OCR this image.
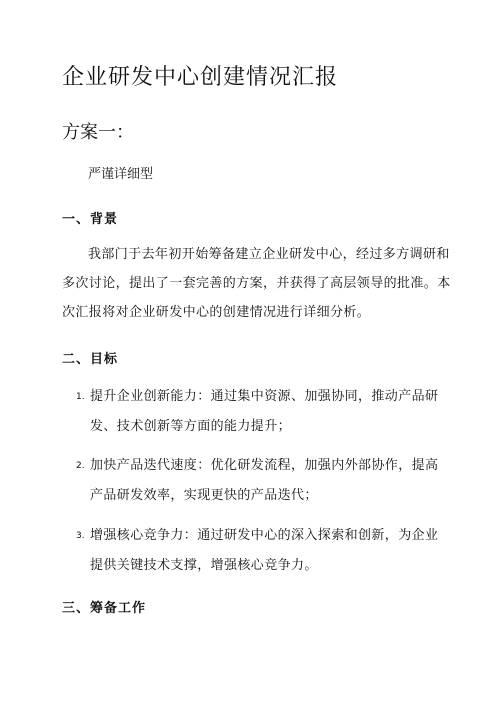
企业研发中心创建情况汇报
方案一：
严谨详细型
一、背景
我部门于去年初开始筹备建立企业研发中心，经过多方调研和
多次讨论，提出了一套完善的方案，并获得了高层领导的批准。本
次汇报将对企业研发中心的创建情况进行详细分析。
二、目标
1. 提升企业创新能力：通过集中资源、加强协同，推动产品研
发、技术创新等方面的能力提升；
2. 加快产品迭代速度：优化研发流程，加强内外部协作，提高
产品研发效率，实现更快的产品迭代；
3. 增强核心竞争力：通过研发中心的深入探索和创新，为企业
提供关键技术支撑，增强核心竞争力。
三、筹备工作
